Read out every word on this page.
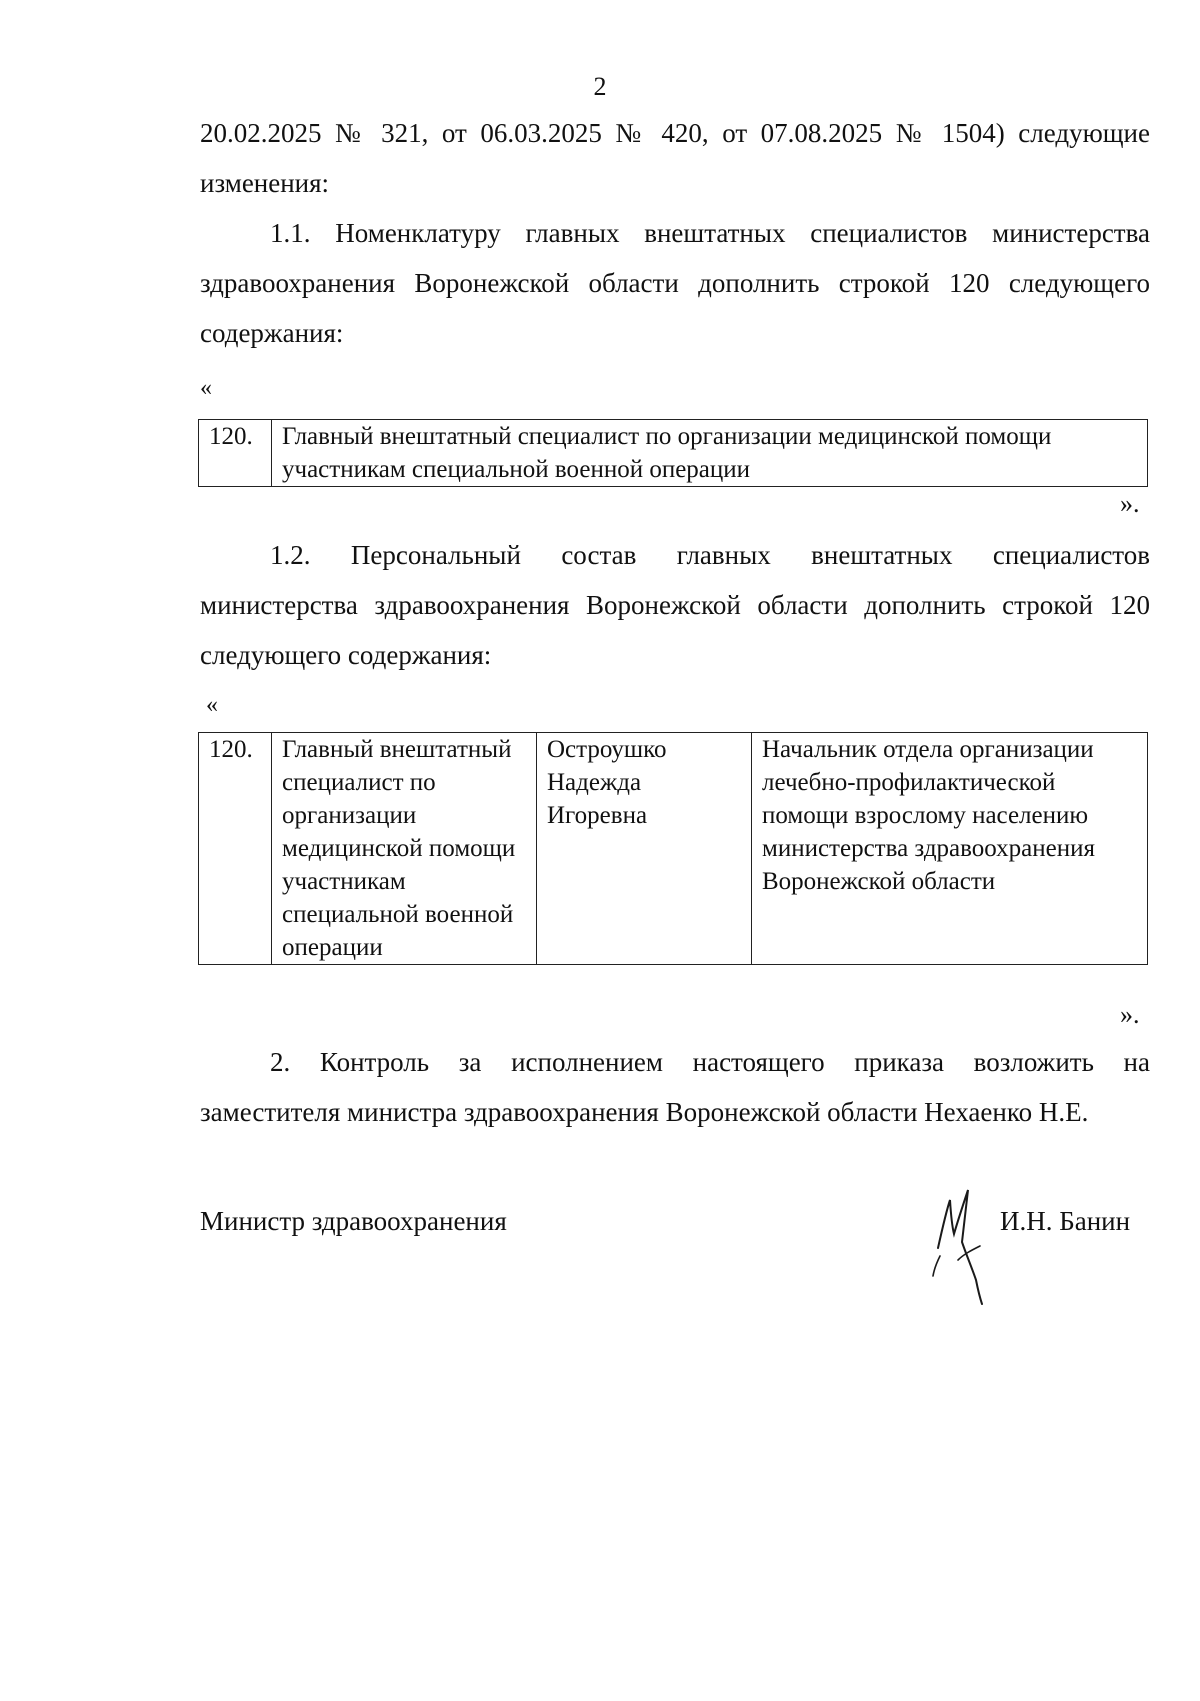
2
20.02.2025 № 321, от 06.03.2025 № 420, от 07.08.2025 № 1504) следующие
изменения:
1.1. Номенклатуру главных внештатных специалистов министерства
здравоохранения Воронежской области дополнить строкой 120 следующего
содержания:
«
120.	Главный внештатный специалист по организации медицинской помощи участникам специальной военной операции
».
1.2. Персональный состав главных внештатных специалистов
министерства здравоохранения Воронежской области дополнить строкой 120
следующего содержания:
«
120.	Главный внештатный специалист по организации медицинской помощи участникам специальной военной операции	Остроушко Надежда Игоревна	Начальник отдела организации лечебно-профилактической помощи взрослому населению министерства здравоохранения Воронежской области
».
2. Контроль за исполнением настоящего приказа возложить на
заместителя министра здравоохранения Воронежской области Нехаенко Н.Е.
Министр здравоохранения	И.Н. Банин
